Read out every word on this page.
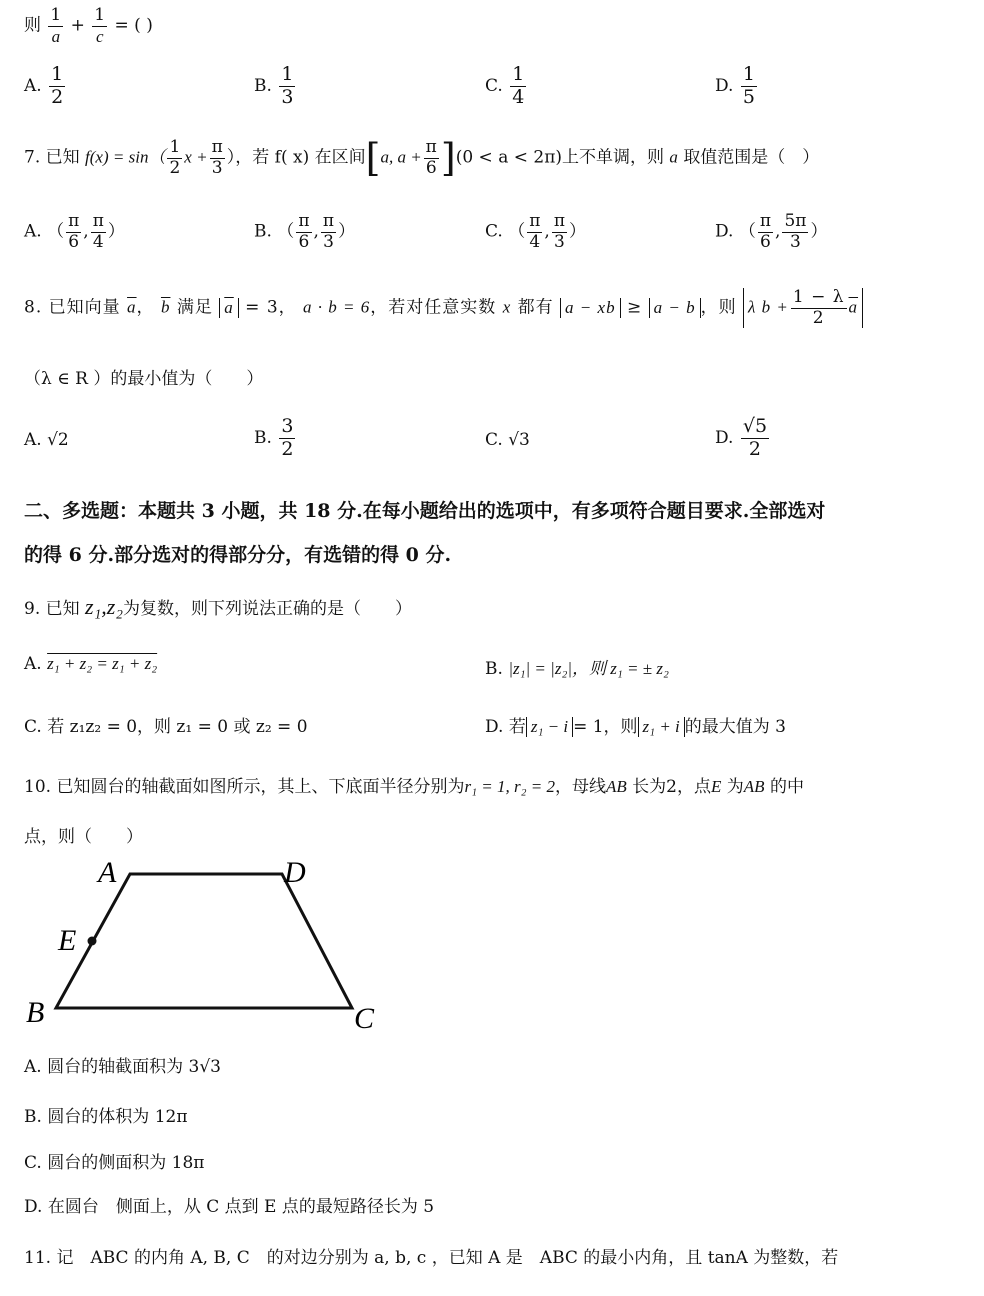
则 $\frac{1}{a} + \frac{1}{c}$ = ( )
A. $\frac{1}{2}$	B. $\frac{1}{3}$	C. $\frac{1}{4}$	D. $\frac{1}{5}$
7. 已知 $f(x) = \sin( \frac{1}{2}$ $x + \frac{\pi}{3}$ ），若 f( x) 在区间[a, $a + \frac{\pi}{6} ](0 < a < 2\pi)$上不单调，则 a 取值范围是（　）
A. （ $\frac{\pi}{6}$ , $\frac{\pi}{4}$ ）	B. （ $\frac{\pi}{6}$ , $\frac{\pi}{3}$ ）	C. （ $\frac{\pi}{4}$ , $\frac{\pi}{3}$ ）	D. （ $\frac{\pi}{6}$ , $\frac{5\pi}{3}$ ）
8. 已知向量 $\overline{a}$， $\overline{b}$ 满足 $\overline{a} = 3$， a · b = 6，若对任意实数 x 都有 a − xb ≥ a − b ，则 λ $b + \frac{1 - \lambda}{2} \overline{a}$
（λ ∈ R ）的最小值为（　　）
A. √2	B. $\frac{3}{2}$	C. √3	D. $\frac{√5}{2}$
二、多选题：本题共 3 小题，共 18 分.在每小题给出的选项中，有多项符合题目要求.全部选对
的得 6 分.部分选对的得部分分，有选错的得 0 分.
9. 已知 z₁,z₂为复数，则下列说法正确的是（　　）
A. z₁ + z₂ = z₁ + z₂	B. |z₁| = |z₂|，则 z₁ = ± z₂
C. 若 z₁z₂ = 0，则 z₁ = 0 或 z₂ = 0	D. 若 z₁ − i = 1，则 z₁ + i 的最大值为 3
10. 已知圆台的轴截面如图所示，其上、下底面半径分别为r₁ = 1, r₂ = 2，母线AB 长为2，点E 为AB 的中
点，则（　　）
A	D
E
B	C
A. 圆台的轴截面积为 3√3
B. 圆台的体积为 12π
C. 圆台的侧面积为 18π
D. 在圆台　侧面上，从 C 点到 E 点的最短路径长为 5
11. 记　ABC 的内角 A, B, C　的对边分别为 a, b, c ，已知 A 是　ABC 的最小内角，且 tanA 为整数，若
